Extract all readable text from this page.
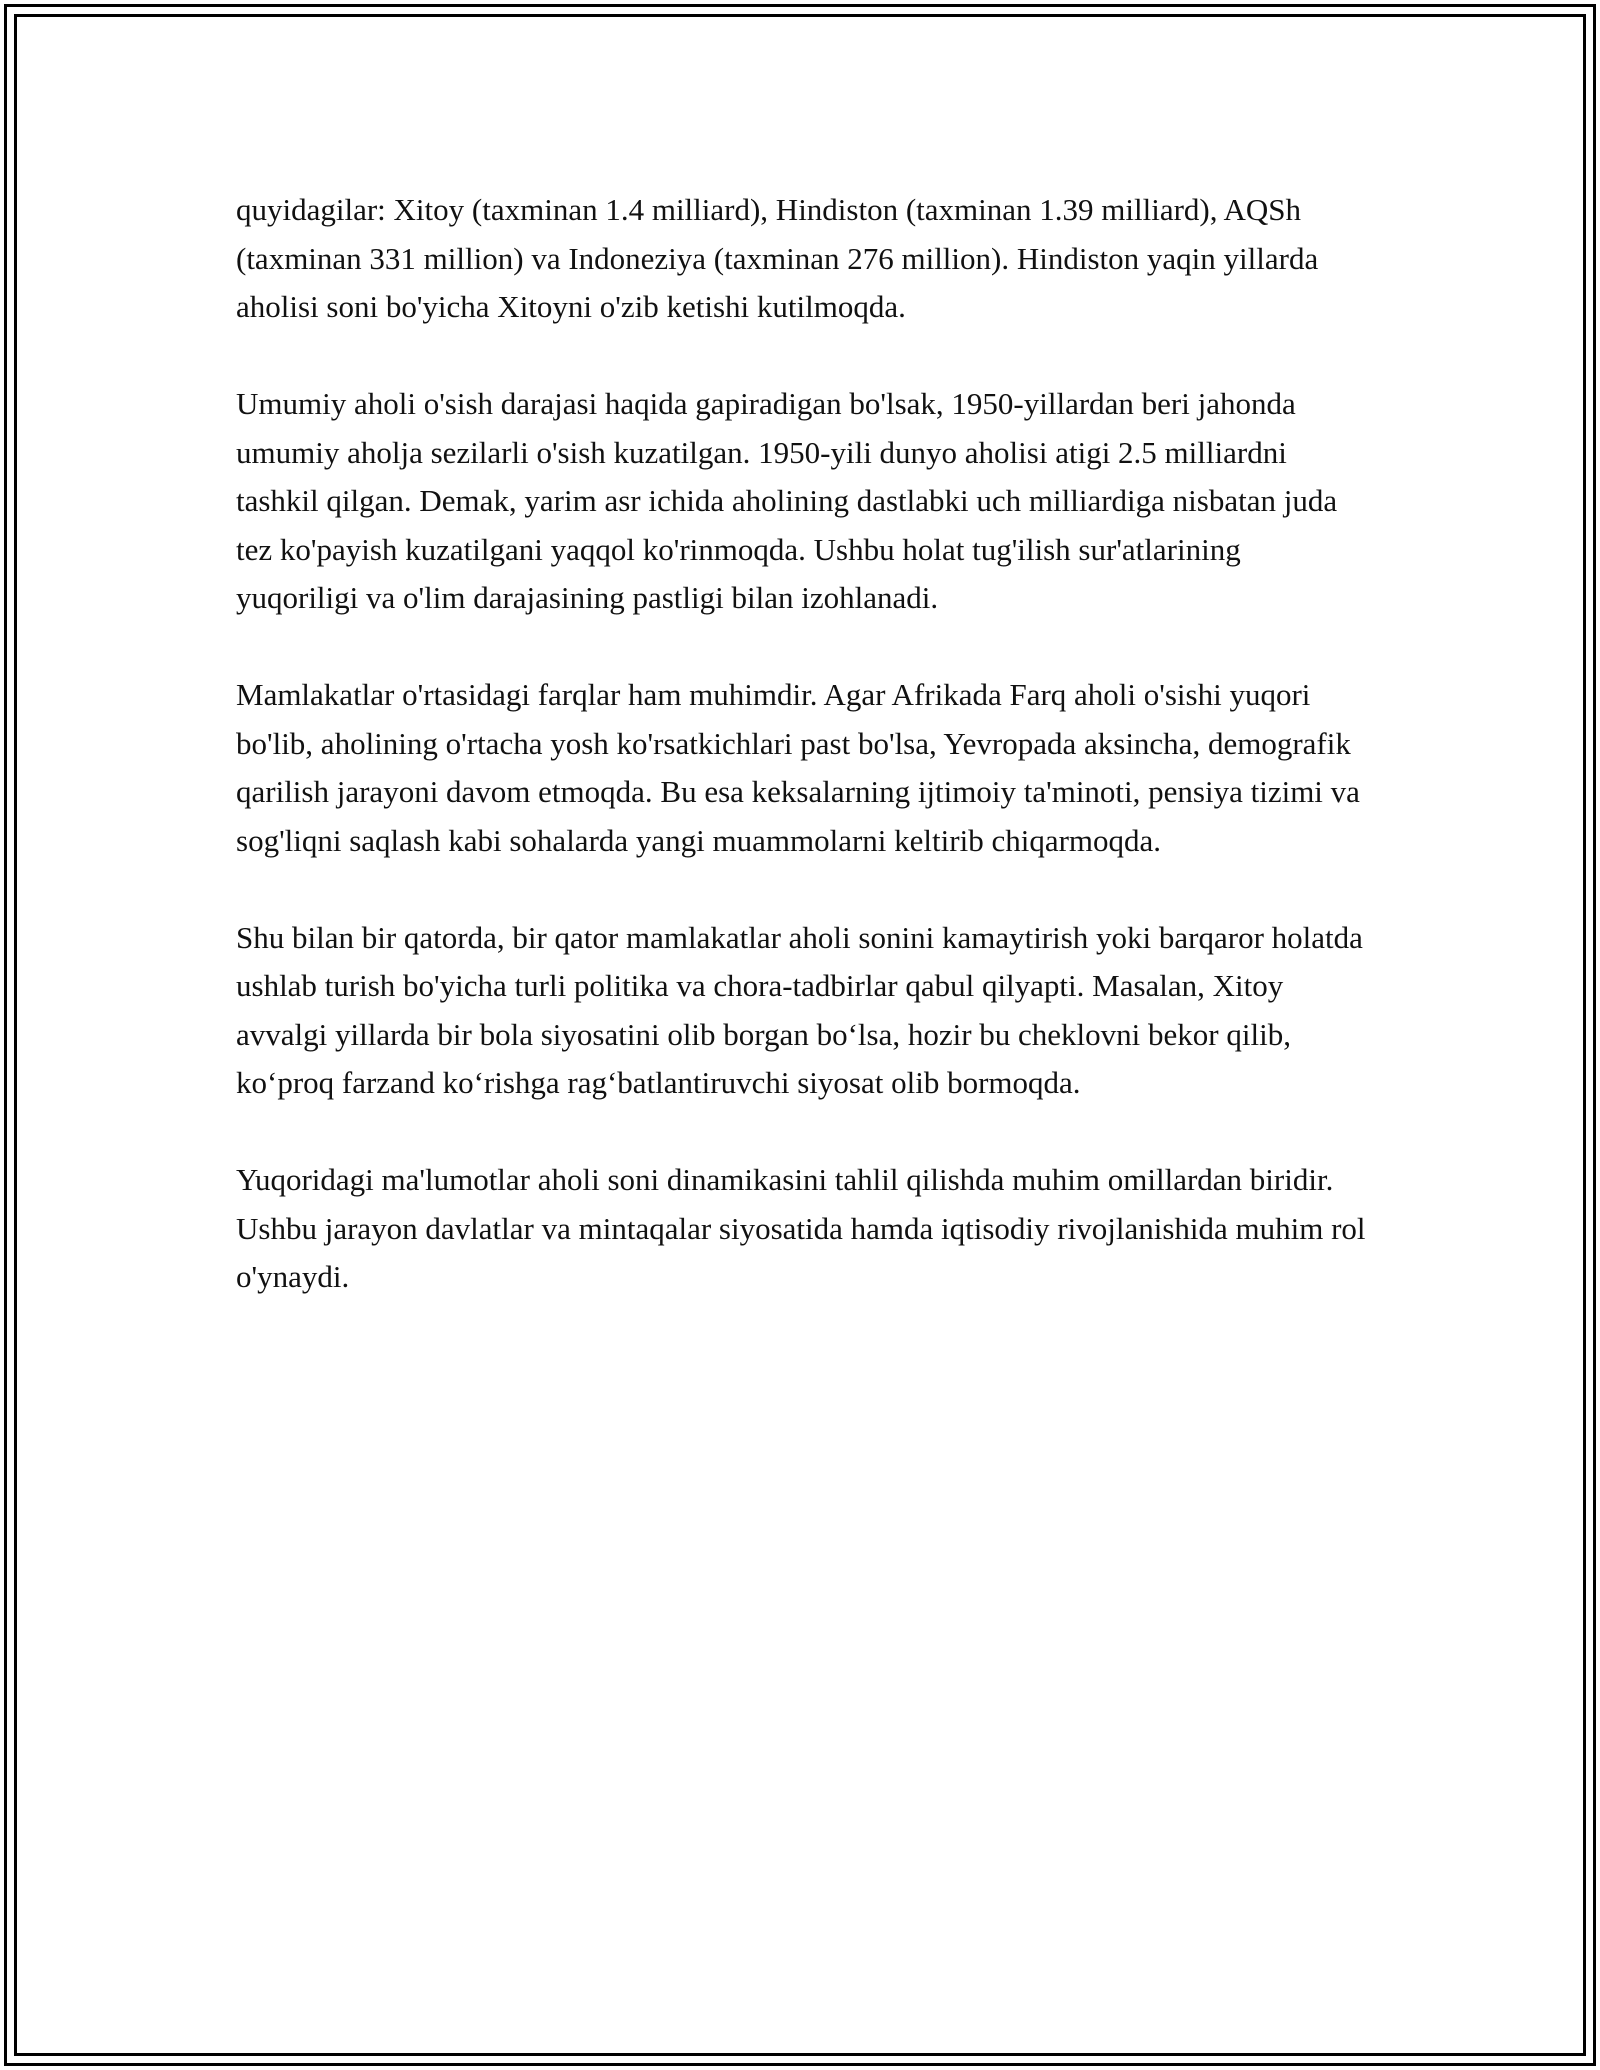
quyidagilar: Xitoy (taxminan 1.4 milliard), Hindiston (taxminan 1.39 milliard), AQSh (taxminan 331 million) va Indoneziya (taxminan 276 million). Hindiston yaqin yillarda aholisi soni bo'yicha Xitoyni o'zib ketishi kutilmoqda.

Umumiy aholi o'sish darajasi haqida gapiradigan bo'lsak, 1950-yillardan beri jahonda umumiy aholja sezilarli o'sish kuzatilgan. 1950-yili dunyo aholisi atigi 2.5 milliardni tashkil qilgan. Demak, yarim asr ichida aholining dastlabki uch milliardiga nisbatan juda tez ko'payish kuzatilgani yaqqol ko'rinmoqda. Ushbu holat tug'ilish sur'atlarining yuqoriligi va o'lim darajasining pastligi bilan izohlanadi.

Mamlakatlar o'rtasidagi farqlar ham muhimdir. Agar Afrikada Farq aholi o'sishi yuqori bo'lib, aholining o'rtacha yosh ko'rsatkichlari past bo'lsa, Yevropada aksincha, demografik qarilish jarayoni davom etmoqda. Bu esa keksalarning ijtimoiy ta'minoti, pensiya tizimi va sog'liqni saqlash kabi sohalarda yangi muammolarni keltirib chiqarmoqda.

Shu bilan bir qatorda, bir qator mamlakatlar aholi sonini kamaytirish yoki barqaror holatda ushlab turish bo'yicha turli politika va chora-tadbirlar qabul qilyapti. Masalan, Xitoy avvalgi yillarda bir bola siyosatini olib borgan bo‘lsa, hozir bu cheklovni bekor qilib, ko‘proq farzand ko‘rishga rag‘batlantiruvchi siyosat olib bormoqda.

Yuqoridagi ma'lumotlar aholi soni dinamikasini tahlil qilishda muhim omillardan biridir. Ushbu jarayon davlatlar va mintaqalar siyosatida hamda iqtisodiy rivojlanishida muhim rol o'ynaydi.
